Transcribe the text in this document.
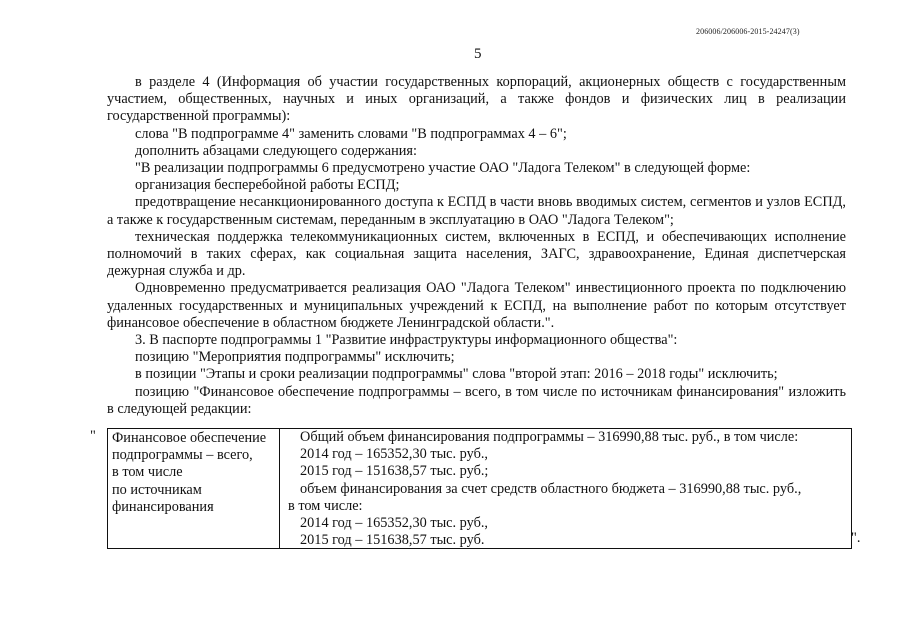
206006/206006-2015-24247(3)
5

в разделе 4 (Информация об участии государственных корпораций, акционерных обществ с государственным участием, общественных, научных и иных организаций, а также фондов и физических лиц в реализации государственной программы):

слова "В подпрограмме 4" заменить словами "В подпрограммах 4 – 6";

дополнить абзацами следующего содержания:

"В реализации подпрограммы 6 предусмотрено участие ОАО "Ладога Телеком" в следующей форме:

организация бесперебойной работы ЕСПД;

предотвращение несанкционированного доступа к ЕСПД в части вновь вводимых систем, сегментов и узлов ЕСПД, а также к государственным системам, переданным в эксплуатацию в ОАО "Ладога Телеком";

техническая поддержка телекоммуникационных систем, включенных в ЕСПД, и обеспечивающих исполнение полномочий в таких сферах, как социальная защита населения, ЗАГС, здравоохранение, Единая диспетчерская дежурная служба и др.

Одновременно предусматривается реализация ОАО "Ладога Телеком" инвестиционного проекта по подключению удаленных государственных и муниципальных учреждений к ЕСПД, на выполнение работ по которым отсутствует финансовое обеспечение в областном бюджете Ленинградской области.".

3. В паспорте подпрограммы 1 "Развитие инфраструктуры информационного общества":

позицию "Мероприятия подпрограммы" исключить;

в позиции "Этапы и сроки реализации подпрограммы" слова "второй этап: 2016 – 2018 годы" исключить;

позицию "Финансовое обеспечение подпрограммы – всего, в том числе по источникам финансирования" изложить в следующей редакции:

" Финансовое обеспечение
подпрограммы – всего,
в том числе
по источникам
финансирования
Общий объем финансирования подпрограммы – 316990,88 тыс. руб., в том числе:
2014 год – 165352,30 тыс. руб.,
2015 год – 151638,57 тыс. руб.;
объем финансирования за счет средств областного бюджета – 316990,88 тыс. руб.,
в том числе:
2014 год – 165352,30 тыс. руб.,
2015 год – 151638,57 тыс. руб.	".
